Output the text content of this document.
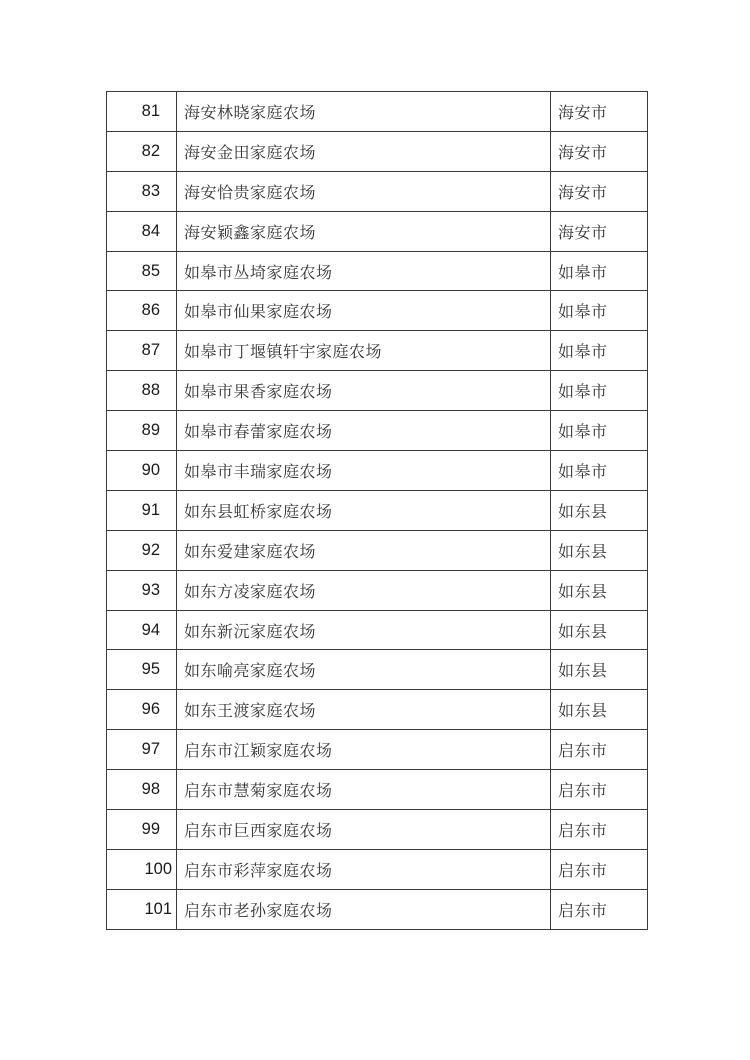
81	海安林晓家庭农场	海安市
82	海安金田家庭农场	海安市
83	海安恰贵家庭农场	海安市
84	海安颖鑫家庭农场	海安市
85	如皋市丛埼家庭农场	如皋市
86	如皋市仙果家庭农场	如皋市
87	如皋市丁堰镇轩宇家庭农场	如皋市
88	如皋市果香家庭农场	如皋市
89	如皋市春蕾家庭农场	如皋市
90	如皋市丰瑞家庭农场	如皋市
91	如东县虹桥家庭农场	如东县
92	如东爱建家庭农场	如东县
93	如东方凌家庭农场	如东县
94	如东新沅家庭农场	如东县
95	如东喻亮家庭农场	如东县
96	如东王渡家庭农场	如东县
97	启东市江颖家庭农场	启东市
98	启东市慧菊家庭农场	启东市
99	启东市巨西家庭农场	启东市
100	启东市彩萍家庭农场	启东市
101	启东市老孙家庭农场	启东市
